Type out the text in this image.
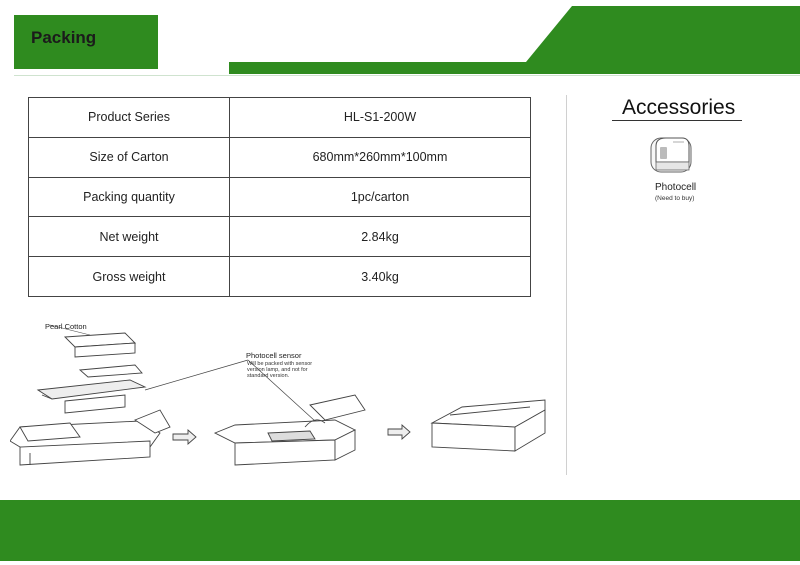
Packing
Product Series	HL-S1-200W
Size of Carton	680mm*260mm*100mm
Packing quantity	1pc/carton
Net weight	2.84kg
Gross weight	3.40kg
Accessories
Photocell
(Need to buy)
Pearl Cotton
Photocell sensor
Will be packed with sensor version lamp, and not for standard version.
